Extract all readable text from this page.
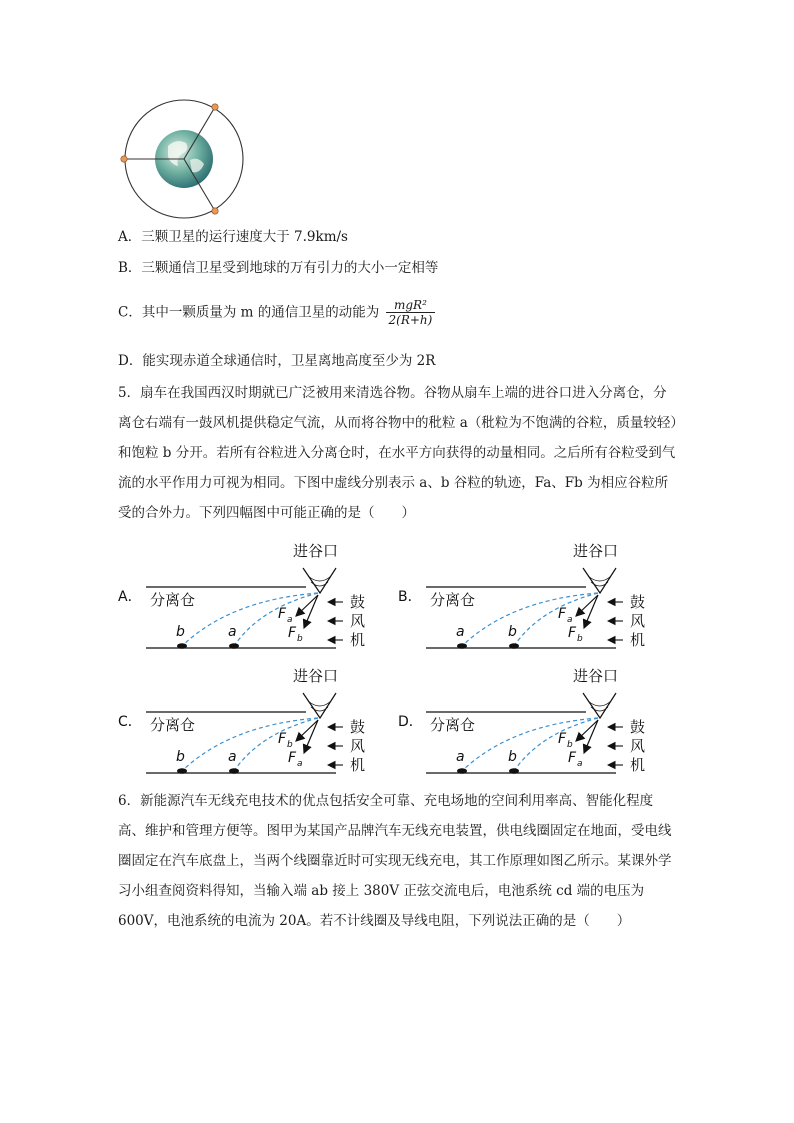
A．三颗卫星的运行速度大于 7.9km/s
B．三颗通信卫星受到地球的万有引力的大小一定相等
C．其中一颗质量为 m 的通信卫星的动能为 $\frac{\text{mgR²}}{2(R+h)}$
D．能实现赤道全球通信时，卫星离地高度至少为 2R
5．扇车在我国西汉时期就已广泛被用来清选谷物。谷物从扇车上端的进谷口进入分离仓，分离仓右端有一鼓风机提供稳定气流，从而将谷物中的秕粒 a（秕粒为不饱满的谷粒，质量较轻）和饱粒 b 分开。若所有谷粒进入分离仓时，在水平方向获得的动量相同。之后所有谷粒受到气流的水平作用力可视为相同。下图中虚线分别表示 a、b 谷粒的轨迹，Fa、Fb 为相应谷粒所受的合外力。下列四幅图中可能正确的是（　　）
A．
进谷口
分离仓	鼓
风
机
b	a
F a
F b
B．
进谷口
分离仓	鼓
风
机
a	b
F a
F b
C．
进谷口
分离仓	鼓
风
机
b	a
F b
F a
D．
进谷口
分离仓	鼓
风
机
a	b
F b
F a
6．新能源汽车无线充电技术的优点包括安全可靠、充电场地的空间利用率高、智能化程度高、维护和管理方便等。图甲为某国产品牌汽车无线充电装置，供电线圈固定在地面，受电线圈固定在汽车底盘上，当两个线圈靠近时可实现无线充电，其工作原理如图乙所示。某课外学习小组查阅资料得知，当输入端 ab 接上 380V 正弦交流电后，电池系统 cd 端的电压为 600V，电池系统的电流为 20A。若不计线圈及导线电阻，下列说法正确的是（　　）
